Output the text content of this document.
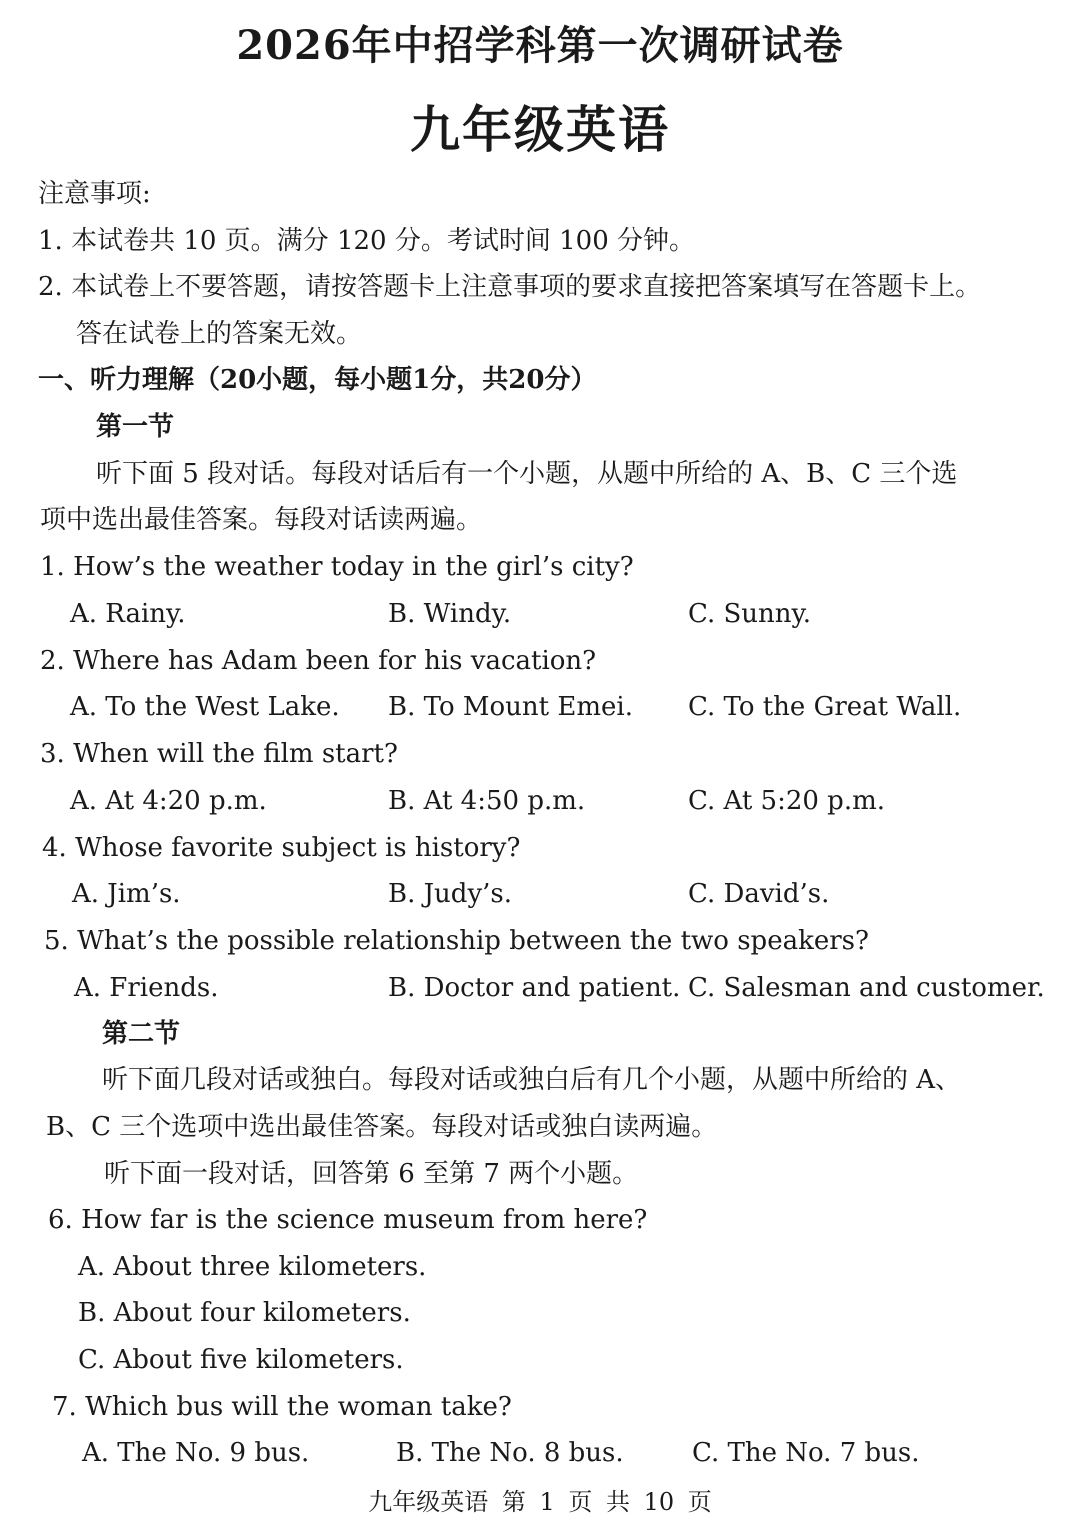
2026年中招学科第一次调研试卷
九年级英语
注意事项:
1. 本试卷共 10 页。满分 120 分。考试时间 100 分钟。
2. 本试卷上不要答题，请按答题卡上注意事项的要求直接把答案填写在答题卡上。
答在试卷上的答案无效。
一、听力理解（20小题，每小题1分，共20分）
第一节
听下面 5 段对话。每段对话后有一个小题，从题中所给的 A、B、C 三个选
项中选出最佳答案。每段对话读两遍。
1. How’s the weather today in the girl’s city?
A. Rainy.	B. Windy.	C. Sunny.
2. Where has Adam been for his vacation?
A. To the West Lake. B. To Mount Emei. C. To the Great Wall.
3. When will the film start?
A. At 4:20 p.m.	B. At 4:50 p.m.	C. At 5:20 p.m.
4. Whose favorite subject is history?
A. Jim’s.	B. Judy’s.	C. David’s.
5. What’s the possible relationship between the two speakers?
A. Friends.	B. Doctor and patient. C. Salesman and customer.
第二节
听下面几段对话或独白。每段对话或独白后有几个小题，从题中所给的 A、
B、C 三个选项中选出最佳答案。每段对话或独白读两遍。
听下面一段对话，回答第 6 至第 7 两个小题。
6. How far is the science museum from here?
A. About three kilometers.
B. About four kilometers.
C. About five kilometers.
7. Which bus will the woman take?
A. The No. 9 bus.	B. The No. 8 bus.	C. The No. 7 bus.
九年级英语 第 1 页 共 10 页
